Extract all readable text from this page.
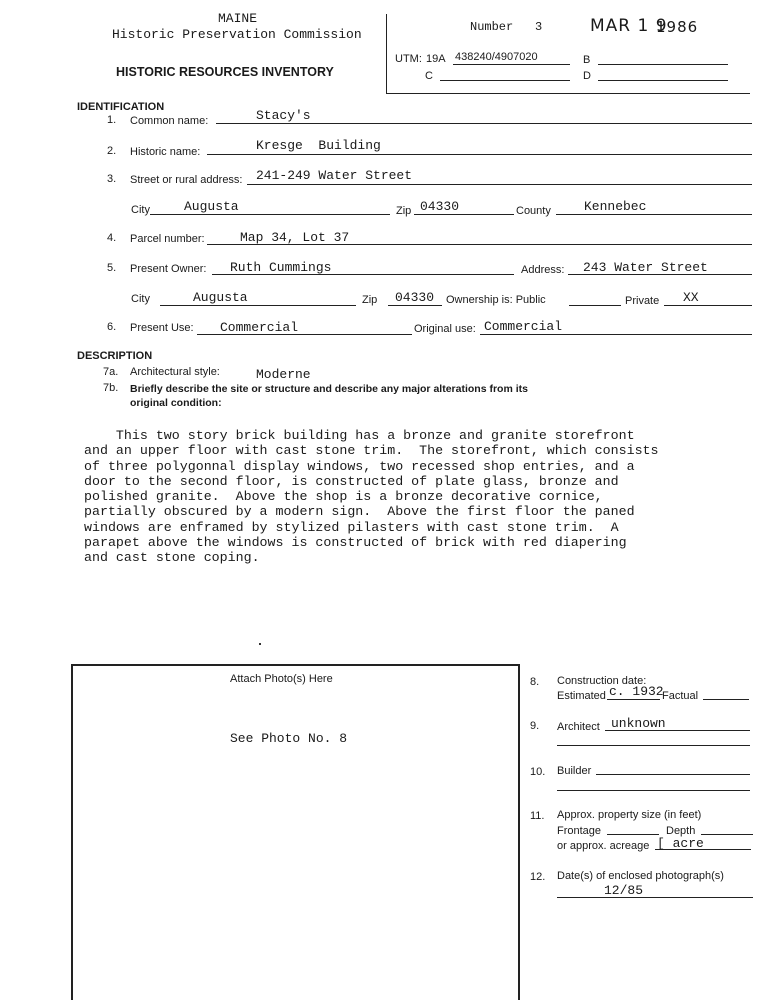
MAINE
Historic Preservation Commission
HISTORIC RESOURCES INVENTORY
Number 3	MAR 1 9
1986
UTM: 19A 438240/4907020	B
C	D
IDENTIFICATION
1. Common name:	Stacy's
2. Historic name:	Kresge  Building
3. Street or rural address: 241-249 Water Street
City	Augusta	Zip 04330	County	Kennebec
4. Parcel number:	Map 34, Lot 37
5. Present Owner: Ruth Cummings	Address: 243 Water Street
City	Augusta	Zip 04330 Ownership is: Public	Private XX
6. Present Use: Commercial	Original use: Commercial
DESCRIPTION
7a. Architectural style:	Moderne
7b. Briefly describe the site or structure and describe any major alterations from its
original condition:
This two story brick building has a bronze and granite storefront
and an upper floor with cast stone trim.  The storefront, which consists
of three polygonnal display windows, two recessed shop entries, and a
door to the second floor, is constructed of plate glass, bronze and
polished granite.  Above the shop is a bronze decorative cornice,
partially obscured by a modern sign.  Above the first floor the paned
windows are enframed by stylized pilasters with cast stone trim.  A
parapet above the windows is constructed of brick with red diapering
and cast stone coping.
Attach Photo(s) Here
See Photo No. 8
8. Construction date:
Estimated c. 1932
Factual
9. Architect unknown
10. Builder
11. Approx. property size (in feet)
Frontage	Depth
or approx. acreage [ acre
12. Date(s) of enclosed photograph(s)
12/85
